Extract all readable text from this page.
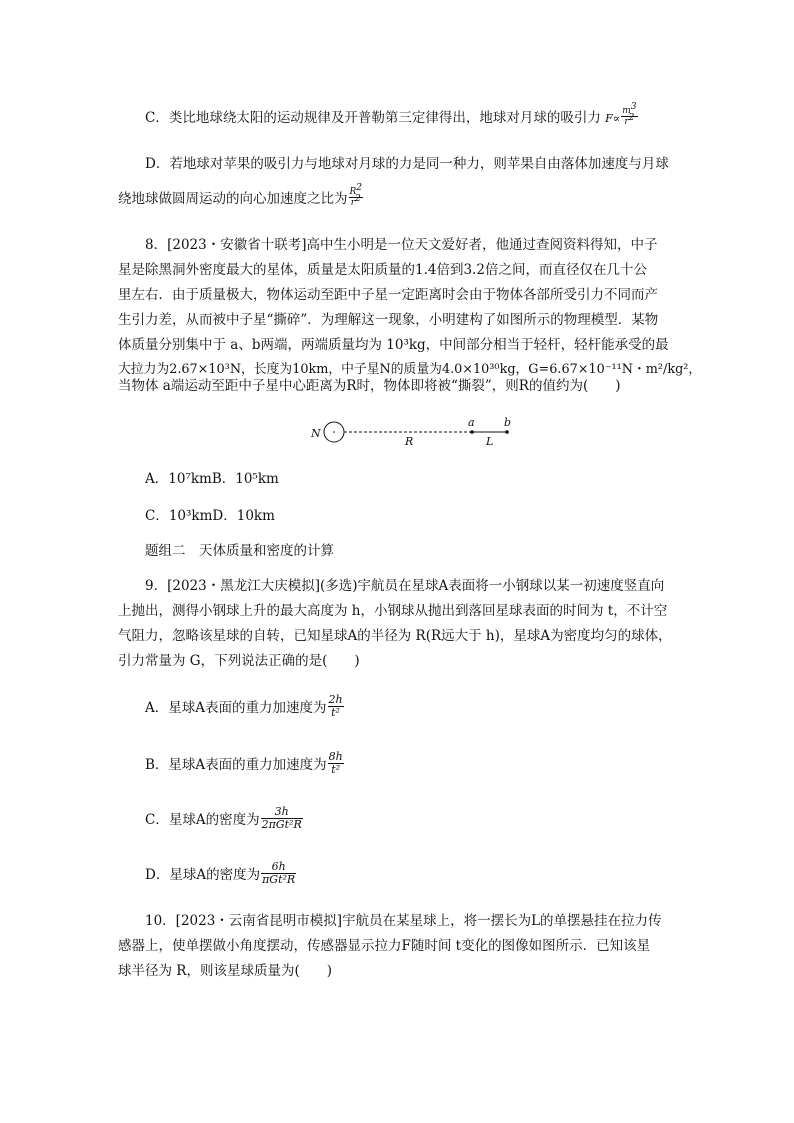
C．类比地球绕太阳的运动规律及开普勒第三定律得出，地球对月球的吸引力 $F\propto \frac{m^3}{r^2}$
D．若地球对苹果的吸引力与地球对月球的力是同一种力，则苹果自由落体加速度与月球
绕地球做圆周运动的向心加速度之比为 $\frac{R^2}{r^2}$
8．[2023・安徽省十联考]高中生小明是一位天文爱好者，他通过查阅资料得知，中子
星是除黑洞外密度最大的星体，质量是太阳质量的1.4倍到3.2倍之间，而直径仅在几十公
里左右．由于质量极大，物体运动至距中子星一定距离时会由于物体各部所受引力不同而产
生引力差，从而被中子星“撕碎”．为理解这一现象，小明建构了如图所示的物理模型．某物
体质量分别集中于 a、b两端，两端质量均为 10³kg，中间部分相当于轻杆，轻杆能承受的最
大拉力为2.67×10³N，长度为10km，中子星N的质量为4.0×10³⁰kg，G=6.67×10⁻¹¹N・m²/kg²，
当物体 a端运动至距中子星中心距离为R时，物体即将被“撕裂”，则R的值约为(　　)
N
R
a	b
L
A．10⁷kmB．10⁵km
C．10³kmD．10km
题组二　天体质量和密度的计算
9．[2023・黑龙江大庆模拟](多选)宇航员在星球A表面将一小钢球以某一初速度竖直向
上抛出，测得小钢球上升的最大高度为 h，小钢球从抛出到落回星球表面的时间为 t，不计空
气阻力，忽略该星球的自转，已知星球A的半径为 R(R远大于 h)，星球A为密度均匀的球体，
引力常量为 G，下列说法正确的是(　　)
A．星球A表面的重力加速度为 $\frac{2h}{\text{t²}}$
B．星球A表面的重力加速度为 $\frac{8h}{\text{t²}}$
C．星球A的密度为 $\frac{3h}{\text{2πGt²R}}$
D．星球A的密度为 $\frac{6h}{\text{πGt²R}}$
10．[2023・云南省昆明市模拟]宇航员在某星球上，将一摆长为L的单摆悬挂在拉力传
感器上，使单摆做小角度摆动，传感器显示拉力F随时间 t变化的图像如图所示．已知该星
球半径为 R，则该星球质量为(　　)
